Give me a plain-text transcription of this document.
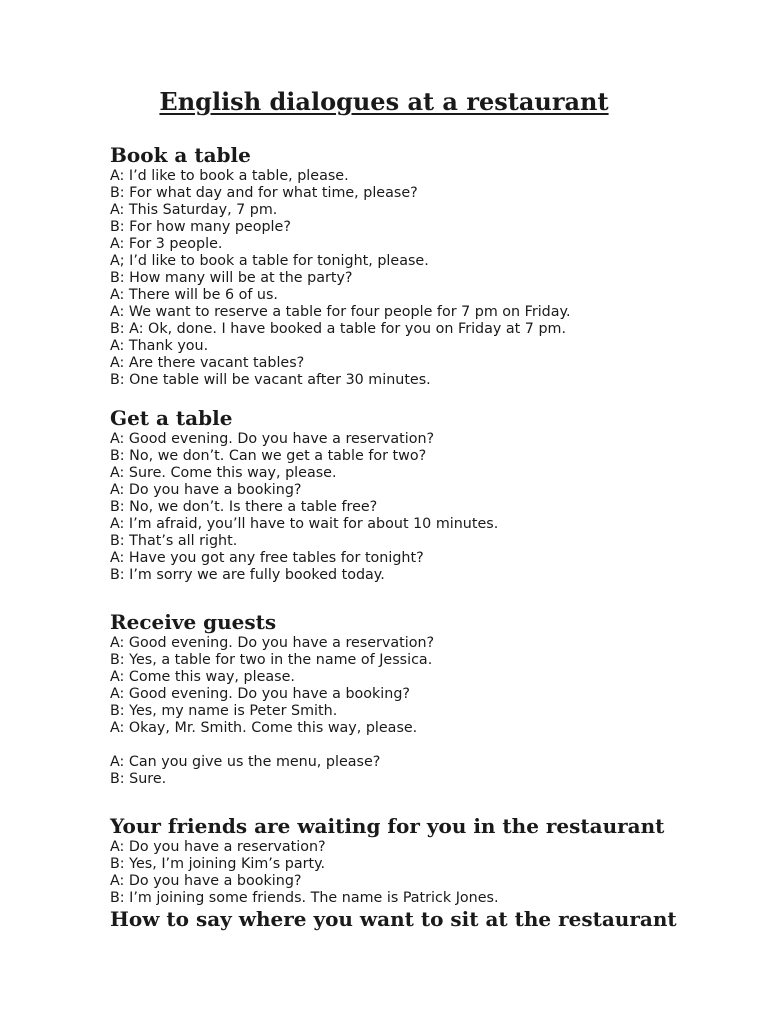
English dialogues at a restaurant
Book a table

A: I’d like to book a table, please.

B: For what day and for what time, please?

A: This Saturday, 7 pm.

B: For how many people?

A: For 3 people.

A; I’d like to book a table for tonight, please.

B: How many will be at the party?

A: There will be 6 of us.

A: We want to reserve a table for four people for 7 pm on Friday.

B: A: Ok, done. I have booked a table for you on Friday at 7 pm.

A: Thank you.

A: Are there vacant tables?

B: One table will be vacant after 30 minutes.

Get a table

A: Good evening. Do you have a reservation?

B: No, we don’t. Can we get a table for two?

A: Sure. Come this way, please.

A: Do you have a booking?

B: No, we don’t. Is there a table free?

A: I’m afraid, you’ll have to wait for about 10 minutes.

B: That’s all right.

A: Have you got any free tables for tonight?

B: I’m sorry we are fully booked today.

Receive guests

A: Good evening. Do you have a reservation?

B: Yes, a table for two in the name of Jessica.

A: Come this way, please.

A: Good evening. Do you have a booking?

B: Yes, my name is Peter Smith.

A: Okay, Mr. Smith. Come this way, please.

A: Can you give us the menu, please?

B: Sure.

Your friends are waiting for you in the restaurant

A: Do you have a reservation?

B: Yes, I’m joining Kim’s party.

A: Do you have a booking?

B: I’m joining some friends. The name is Patrick Jones.

How to say where you want to sit at the restaurant
